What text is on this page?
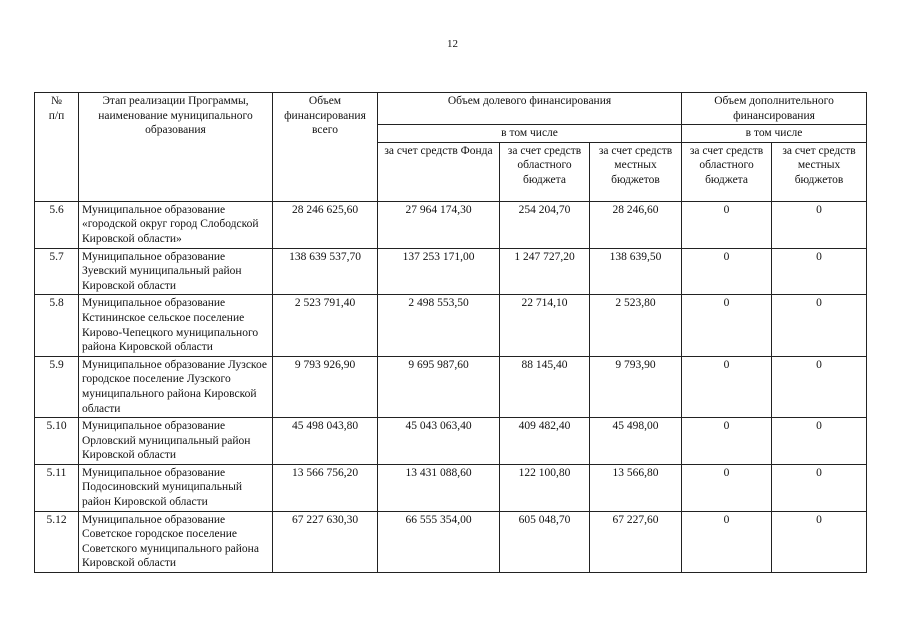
12
№
п/п	Этап реализации Программы, наименование муниципального образования	Объем финансирования всего	Объем долевого финансирования			Объем дополнительного финансирования	
			в том числе			в том числе	
			за счет средств Фонда	за счет средств областного бюджета	за счет средств местных бюджетов	за счет средств областного бюджета	за счет средств местных бюджетов
5.6	Муниципальное образование «городской округ город Слободской Кировской области»	28 246 625,60	27 964 174,30	254 204,70	28 246,60	0	0
5.7	Муниципальное образование Зуевский муниципальный район Кировской области	138 639 537,70	137 253 171,00	1 247 727,20	138 639,50	0	0
5.8	Муниципальное образование Кстининское сельское поселение Кирово-Чепецкого муниципального района Кировской области	2 523 791,40	2 498 553,50	22 714,10	2 523,80	0	0
5.9	Муниципальное образование Лузское городское поселение Лузского муниципального района Кировской области	9 793 926,90	9 695 987,60	88 145,40	9 793,90	0	0
5.10	Муниципальное образование Орловский муниципальный район Кировской области	45 498 043,80	45 043 063,40	409 482,40	45 498,00	0	0
5.11	Муниципальное образование Подосиновский муниципальный район Кировской области	13 566 756,20	13 431 088,60	122 100,80	13 566,80	0	0
5.12	Муниципальное образование Советское городское поселение Советского муниципального района Кировской области	67 227 630,30	66 555 354,00	605 048,70	67 227,60	0	0
